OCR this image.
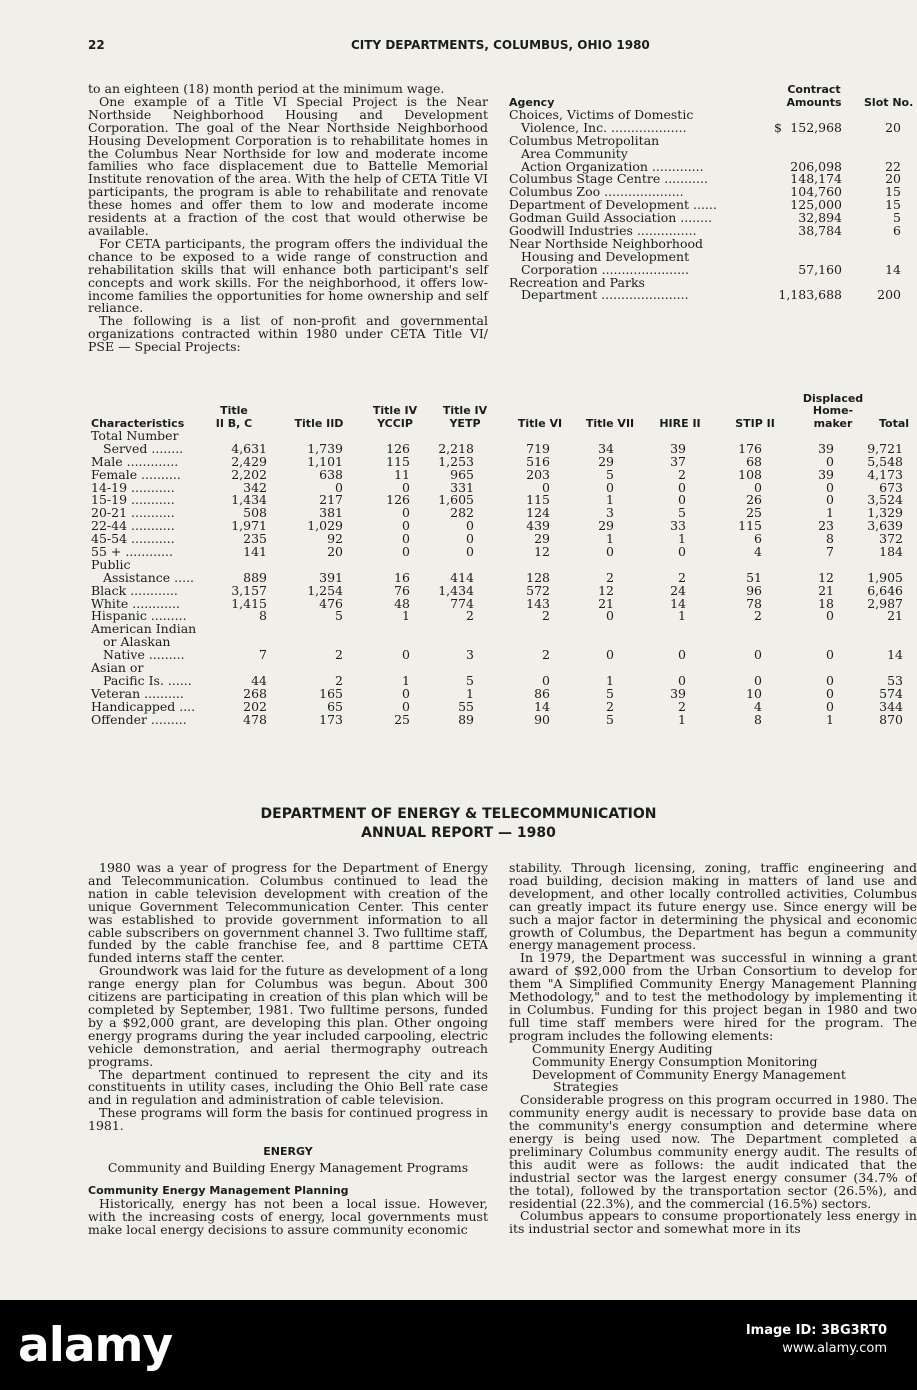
22	CITY DEPARTMENTS, COLUMBUS, OHIO 1980

to an eighteen (18) month period at the minimum wage.

One example of a Title VI Special Project is the Near Northside Neighborhood Housing and Development Corporation. The goal of the Near Northside Neighborhood Housing Development Corporation is to rehabilitate homes in the Columbus Near Northside for low and moderate income families who face displacement due to Battelle Memorial Institute renovation of the area. With the help of CETA Title VI participants, the program is able to rehabilitate and renovate these homes and offer them to low and moderate income residents at a fraction of the cost that would otherwise be available.

For CETA participants, the program offers the individual the chance to be exposed to a wide range of construction and rehabilitation skills that will enhance both participant's self concepts and work skills. For the neighborhood, it offers low-income families the opportunities for home ownership and self reliance.

The following is a list of non-profit and governmental organizations contracted within 1980 under CETA Title VI/ PSE — Special Projects:

Agency
Contract
Amounts	Slot No.
Choices, Victims of Domestic
Violence, Inc. ...................	$ 152,968	20
Columbus Metropolitan
Area Community
Action Organization .............	206,098	22
Columbus Stage Centre ...........	148,174	20
Columbus Zoo ....................	104,760	15
Department of Development ......	125,000	15
Godman Guild Association ........	32,894	5
Goodwill Industries ...............	38,784	6
Near Northside Neighborhood
Housing and Development
Corporation ......................	57,160	14
Recreation and Parks
Department ......................	1,183,688	200

Characteristics

Title
II B, C

	Title IID

Title IV
YCCIP

Title IV
YETP

	Title VI

	Title VII

	HIRE II

	STIP II
Displaced
Home-
maker

	Total
Total Number
Served ........	4,631	1,739	126	2,218	719	34	39	176	39	9,721
Male .............	2,429	1,101	115	1,253	516	29	37	68	0	5,548
Female ..........	2,202	638	11	965	203	5	2	108	39	4,173
14-19 ...........	342	0	0	331	0	0	0	0	0	673
15-19 ...........	1,434	217	126	1,605	115	1	0	26	0	3,524
20-21 ...........	508	381	0	282	124	3	5	25	1	1,329
22-44 ...........	1,971	1,029	0	0	439	29	33	115	23	3,639
45-54 ...........	235	92	0	0	29	1	1	6	8	372
55 + ............	141	20	0	0	12	0	0	4	7	184
Public
Assistance .....	889	391	16	414	128	2	2	51	12	1,905
Black ............	3,157	1,254	76	1,434	572	12	24	96	21	6,646
White ............	1,415	476	48	774	143	21	14	78	18	2,987
Hispanic .........	8	5	1	2	2	0	1	2	0	21
American Indian
or Alaskan
Native .........	7	2	0	3	2	0	0	0	0	14
Asian or
Pacific Is. ......	44	2	1	5	0	1	0	0	0	53
Veteran ..........	268	165	0	1	86	5	39	10	0	574
Handicapped ....	202	65	0	55	14	2	2	4	0	344
Offender .........	478	173	25	89	90	5	1	8	1	870
DEPARTMENT OF ENERGY & TELECOMMUNICATION
ANNUAL REPORT — 1980

1980 was a year of progress for the Department of Energy and Telecommunication. Columbus continued to lead the nation in cable television development with creation of the unique Government Telecommunication Center. This center was established to provide government information to all cable subscribers on government channel 3. Two fulltime staff, funded by the cable franchise fee, and 8 parttime CETA funded interns staff the center.

Groundwork was laid for the future as development of a long range energy plan for Columbus was begun. About 300 citizens are participating in creation of this plan which will be completed by September, 1981. Two fulltime persons, funded by a $92,000 grant, are developing this plan. Other ongoing energy programs during the year included carpooling, electric vehicle demonstration, and aerial thermography outreach programs.

The department continued to represent the city and its constituents in utility cases, including the Ohio Bell rate case and in regulation and administration of cable television.

These programs will form the basis for continued progress in 1981.

ENERGY

Community and Building Energy Management Programs

Community Energy Management Planning

Historically, energy has not been a local issue. However, with the increasing costs of energy, local governments must make local energy decisions to assure community economic

stability. Through licensing, zoning, traffic engineering and road building, decision making in matters of land use and development, and other locally controlled activities, Columbus can greatly impact its future energy use. Since energy will be such a major factor in determining the physical and economic growth of Columbus, the Department has begun a community energy management process.

In 1979, the Department was successful in winning a grant award of $92,000 from the Urban Consortium to develop for them "A Simplified Community Energy Management Planning Methodology," and to test the methodology by implementing it in Columbus. Funding for this project began in 1980 and two full time staff members were hired for the program. The program includes the following elements:

Community Energy Auditing

Community Energy Consumption Monitoring

Development of Community Energy Management

Strategies

Considerable progress on this program occurred in 1980. The community energy audit is necessary to provide base data on the community's energy consumption and determine where energy is being used now. The Department completed a preliminary Columbus community energy audit. The results of this audit were as follows: the audit indicated that the industrial sector was the largest energy consumer (34.7% of the total), followed by the transportation sector (26.5%), and residential (22.3%), and the commercial (16.5%) sectors.

Columbus appears to consume proportionately less energy in its industrial sector and somewhat more in its

alamy	Image ID: 3BG3RT0
www.alamy.com
